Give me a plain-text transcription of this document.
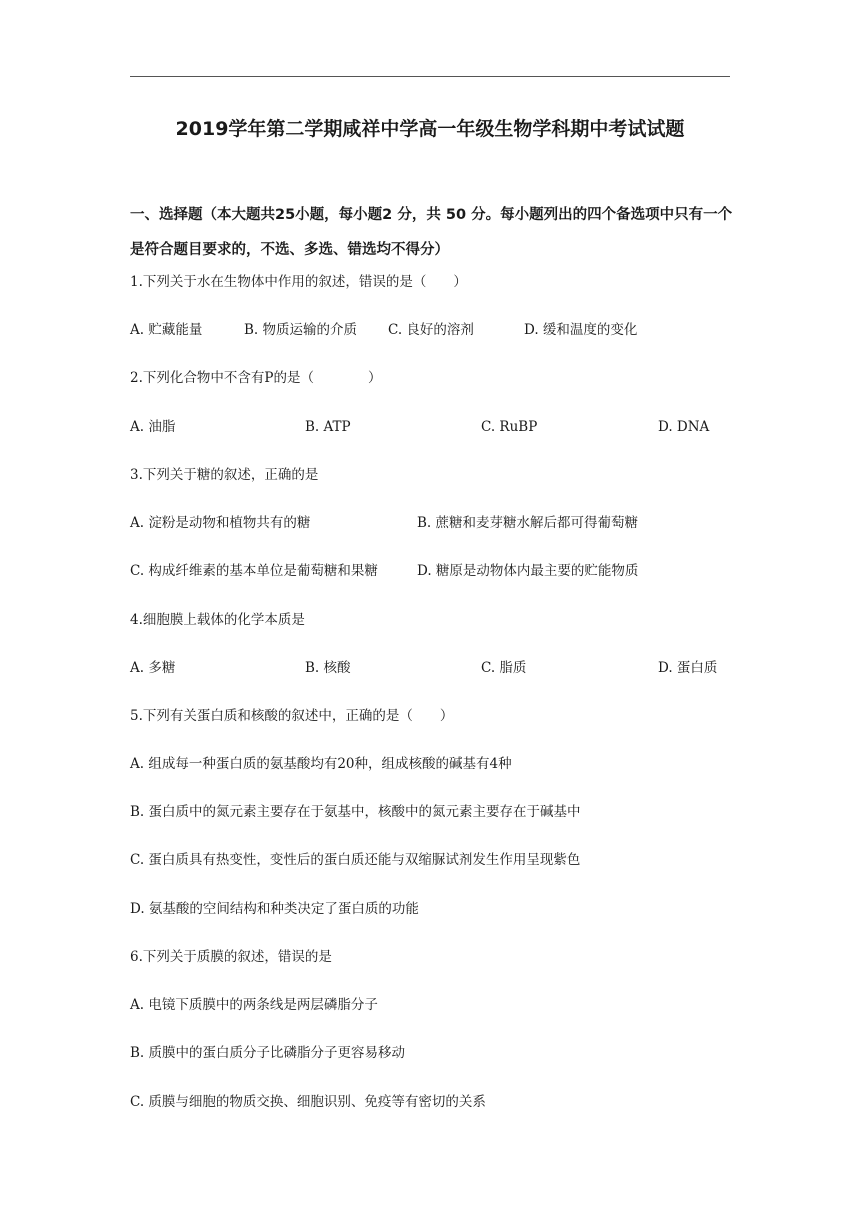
2019学年第二学期咸祥中学高一年级生物学科期中考试试题
一、选择题（本大题共25小题，每小题2 分，共 50 分。每小题列出的四个备选项中只有一个是符合题目要求的，不选、多选、错选均不得分）
1.下列关于水在生物体中作用的叙述，错误的是（　　）
A. 贮藏能量	B. 物质运输的介质 C. 良好的溶剂	D. 缓和温度的变化
2.下列化合物中不含有P的是（　　　　）
A. 油脂	B. ATP	C. RuBP	D. DNA
3.下列关于糖的叙述，正确的是
A. 淀粉是动物和植物共有的糖	B. 蔗糖和麦芽糖水解后都可得葡萄糖
C. 构成纤维素的基本单位是葡萄糖和果糖	D. 糖原是动物体内最主要的贮能物质
4.细胞膜上载体的化学本质是
A. 多糖	B. 核酸	C. 脂质	D. 蛋白质
5.下列有关蛋白质和核酸的叙述中，正确的是（　　）
A. 组成每一种蛋白质的氨基酸均有20种，组成核酸的碱基有4种
B. 蛋白质中的氮元素主要存在于氨基中，核酸中的氮元素主要存在于碱基中
C. 蛋白质具有热变性，变性后的蛋白质还能与双缩脲试剂发生作用呈现紫色
D. 氨基酸的空间结构和种类决定了蛋白质的功能
6.下列关于质膜的叙述，错误的是
A. 电镜下质膜中的两条线是两层磷脂分子
B. 质膜中的蛋白质分子比磷脂分子更容易移动
C. 质膜与细胞的物质交换、细胞识别、免疫等有密切的关系
